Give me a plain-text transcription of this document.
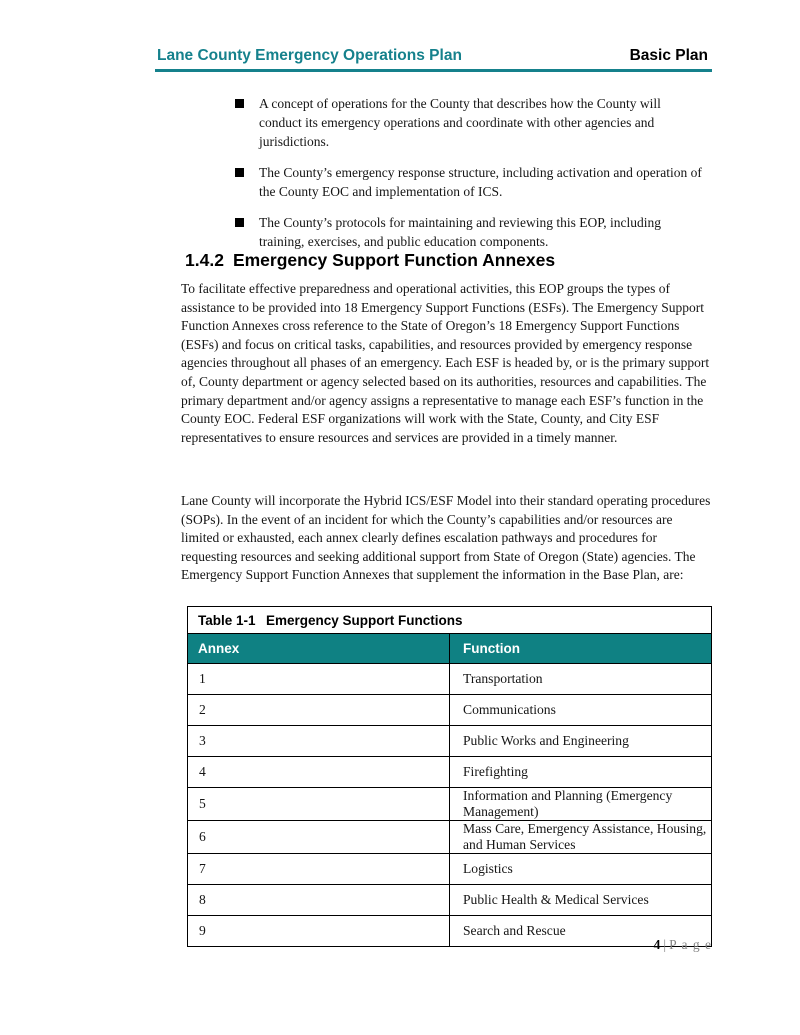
Lane County Emergency Operations Plan	Basic Plan
A concept of operations for the County that describes how the County will conduct its emergency operations and coordinate with other agencies and jurisdictions.
The County’s emergency response structure, including activation and operation of the County EOC and implementation of ICS.
The County’s protocols for maintaining and reviewing this EOP, including training, exercises, and public education components.
1.4.2 Emergency Support Function Annexes
To facilitate effective preparedness and operational activities, this EOP groups the types of assistance to be provided into 18 Emergency Support Functions (ESFs). The Emergency Support Function Annexes cross reference to the State of Oregon’s 18 Emergency Support Functions (ESFs) and focus on critical tasks, capabilities, and resources provided by emergency response agencies throughout all phases of an emergency. Each ESF is headed by, or is the primary support of, County department or agency selected based on its authorities, resources and capabilities. The primary department and/or agency assigns a representative to manage each ESF’s function in the County EOC. Federal ESF organizations will work with the State, County, and City ESF representatives to ensure resources and services are provided in a timely manner.
Lane County will incorporate the Hybrid ICS/ESF Model into their standard operating procedures (SOPs). In the event of an incident for which the County’s capabilities and/or resources are limited or exhausted, each annex clearly defines escalation pathways and procedures for requesting resources and seeking additional support from State of Oregon (State) agencies. The Emergency Support Function Annexes that supplement the information in the Base Plan, are:
Table 1-1 Emergency Support Functions	
Annex	Function
1	Transportation
2	Communications
3	Public Works and Engineering
4	Firefighting
5	Information and Planning (Emergency Management)
6	Mass Care, Emergency Assistance, Housing, and Human Services
7	Logistics
8	Public Health & Medical Services
9	Search and Rescue
4 | P a g e
